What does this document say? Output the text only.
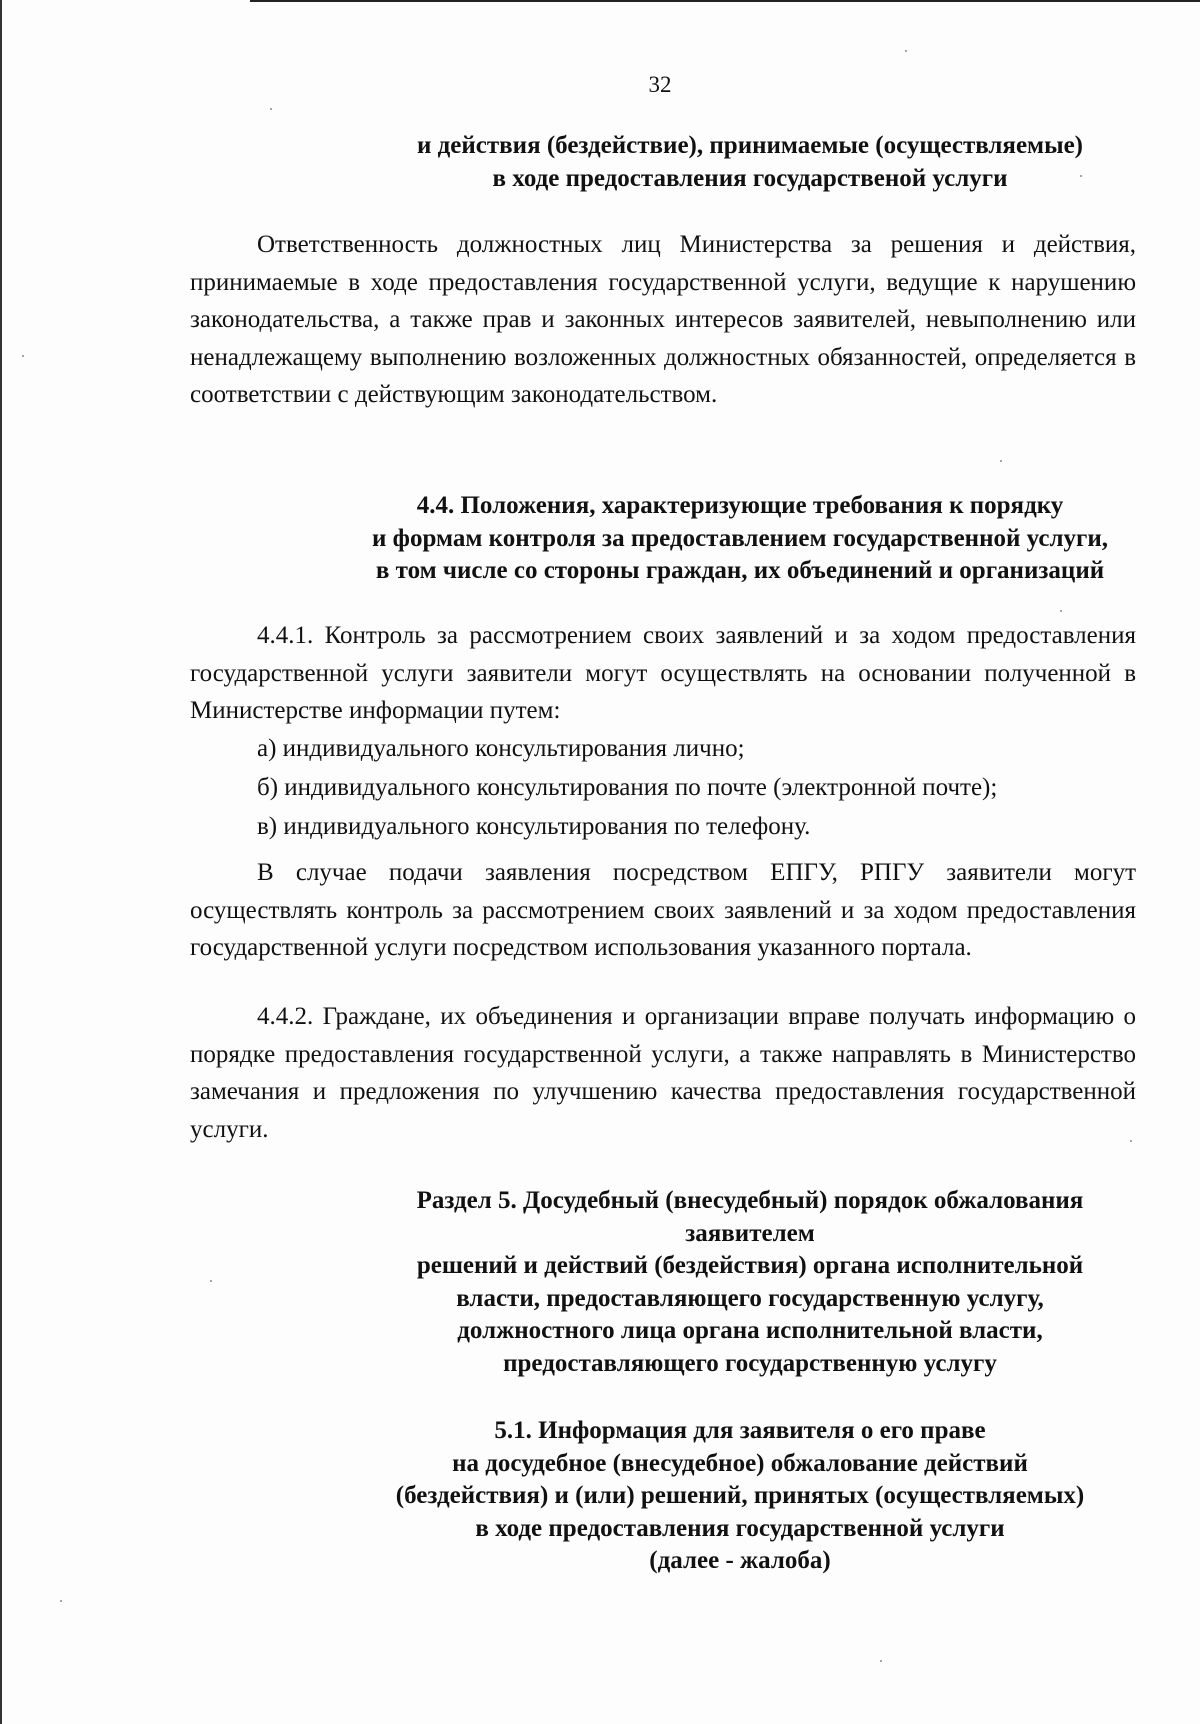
32
и действия (бездействие), принимаемые (осуществляемые)
в ходе предоставления государственой услуги
Ответственность должностных лиц Министерства за решения и действия, принимаемые в ходе предоставления государственной услуги, ведущие к нарушению законодательства, а также прав и законных интересов заявителей, невыполнению или ненадлежащему выполнению возложенных должностных обязанностей, определяется в соответствии с действующим законодательством.
4.4. Положения, характеризующие требования к порядку
и формам контроля за предоставлением государственной услуги,
в том числе со стороны граждан, их объединений и организаций
4.4.1. Контроль за рассмотрением своих заявлений и за ходом предоставления государственной услуги заявители могут осуществлять на основании полученной в Министерстве информации путем:
а) индивидуального консультирования лично;
б) индивидуального консультирования по почте (электронной почте);
в) индивидуального консультирования по телефону.
В случае подачи заявления посредством ЕПГУ, РПГУ заявители могут осуществлять контроль за рассмотрением своих заявлений и за ходом предоставления государственной услуги посредством использования указанного портала.
4.4.2. Граждане, их объединения и организации вправе получать информацию о порядке предоставления государственной услуги, а также направлять в Министерство замечания и предложения по улучшению качества предоставления государственной услуги.
Раздел 5. Досудебный (внесудебный) порядок обжалования
заявителем
решений и действий (бездействия) органа исполнительной
власти, предоставляющего государственную услугу,
должностного лица органа исполнительной власти,
предоставляющего государственную услугу
5.1. Информация для заявителя о его праве
на досудебное (внесудебное) обжалование действий
(бездействия) и (или) решений, принятых (осуществляемых)
в ходе предоставления государственной услуги
(далее - жалоба)
